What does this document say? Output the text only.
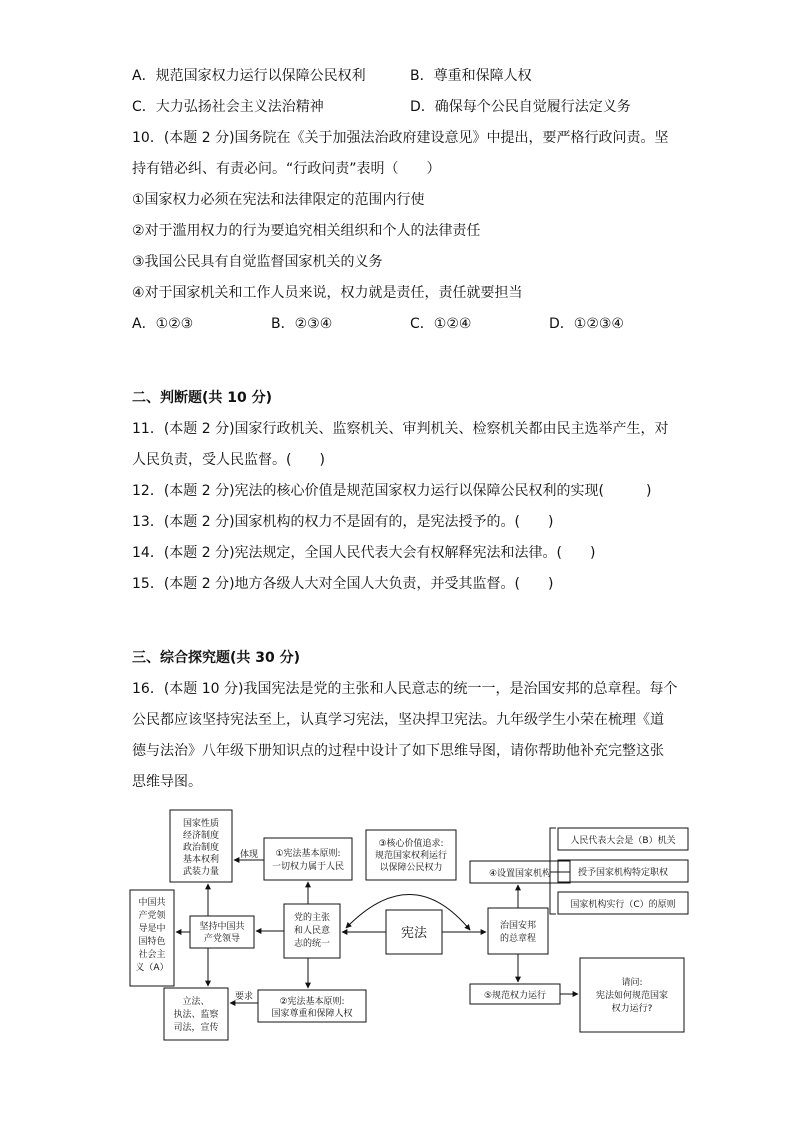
A．规范国家权力运行以保障公民权利	B．尊重和保障人权
C．大力弘扬社会主义法治精神	D．确保每个公民自觉履行法定义务
10．(本题 2 分)国务院在《关于加强法治政府建设意见》中提出，要严格行政问责。坚
持有错必纠、有责必问。“行政问责”表明（　　）
①国家权力必须在宪法和法律限定的范围内行使
②对于滥用权力的行为要追究相关组织和个人的法律责任
③我国公民具有自觉监督国家机关的义务
④对于国家机关和工作人员来说，权力就是责任，责任就要担当
A．①②③	B．②③④	C．①②④	D．①②③④
二、判断题(共 10 分)
11．(本题 2 分)国家行政机关、监察机关、审判机关、检察机关都由民主选举产生，对
人民负责，受人民监督。(　　)
12．(本题 2 分)宪法的核心价值是规范国家权力运行以保障公民权利的实现(　　　)
13．(本题 2 分)国家机构的权力不是固有的，是宪法授予的。(　　)
14．(本题 2 分)宪法规定，全国人民代表大会有权解释宪法和法律。(　　)
15．(本题 2 分)地方各级人大对全国人大负责，并受其监督。(　　)
三、综合探究题(共 30 分)
16．(本题 10 分)我国宪法是党的主张和人民意志的统一一，是治国安邦的总章程。每个
公民都应该坚持宪法至上，认真学习宪法，坚决捍卫宪法。九年级学生小荣在梳理《道
德与法治》八年级下册知识点的过程中设计了如下思维导图，请你帮助他补充完整这张
思维导图。
国家性质
经济制度
政治制度
基本权利
武装力量
体现 ①宪法基本原则:
一切权力属于人民
③核心价值追求:
规范国家权利运行
以保障公民权力
中国共
产党领
导是中
国特色
社会主
义（A）
坚持中国共
产党领导
党的主张
和人民意
志的统一
宪法	治国安邦
的总章程
④设置国家机构
人民代表大会是（B）机关
授予国家机构特定职权
国家机构实行（C）的原则
要求
立法、
执法、监察
司法，宣传
②宪法基本原则:
国家尊重和保障人权
⑤规范权力运行
请问:
宪法如何规范国家
权力运行?
